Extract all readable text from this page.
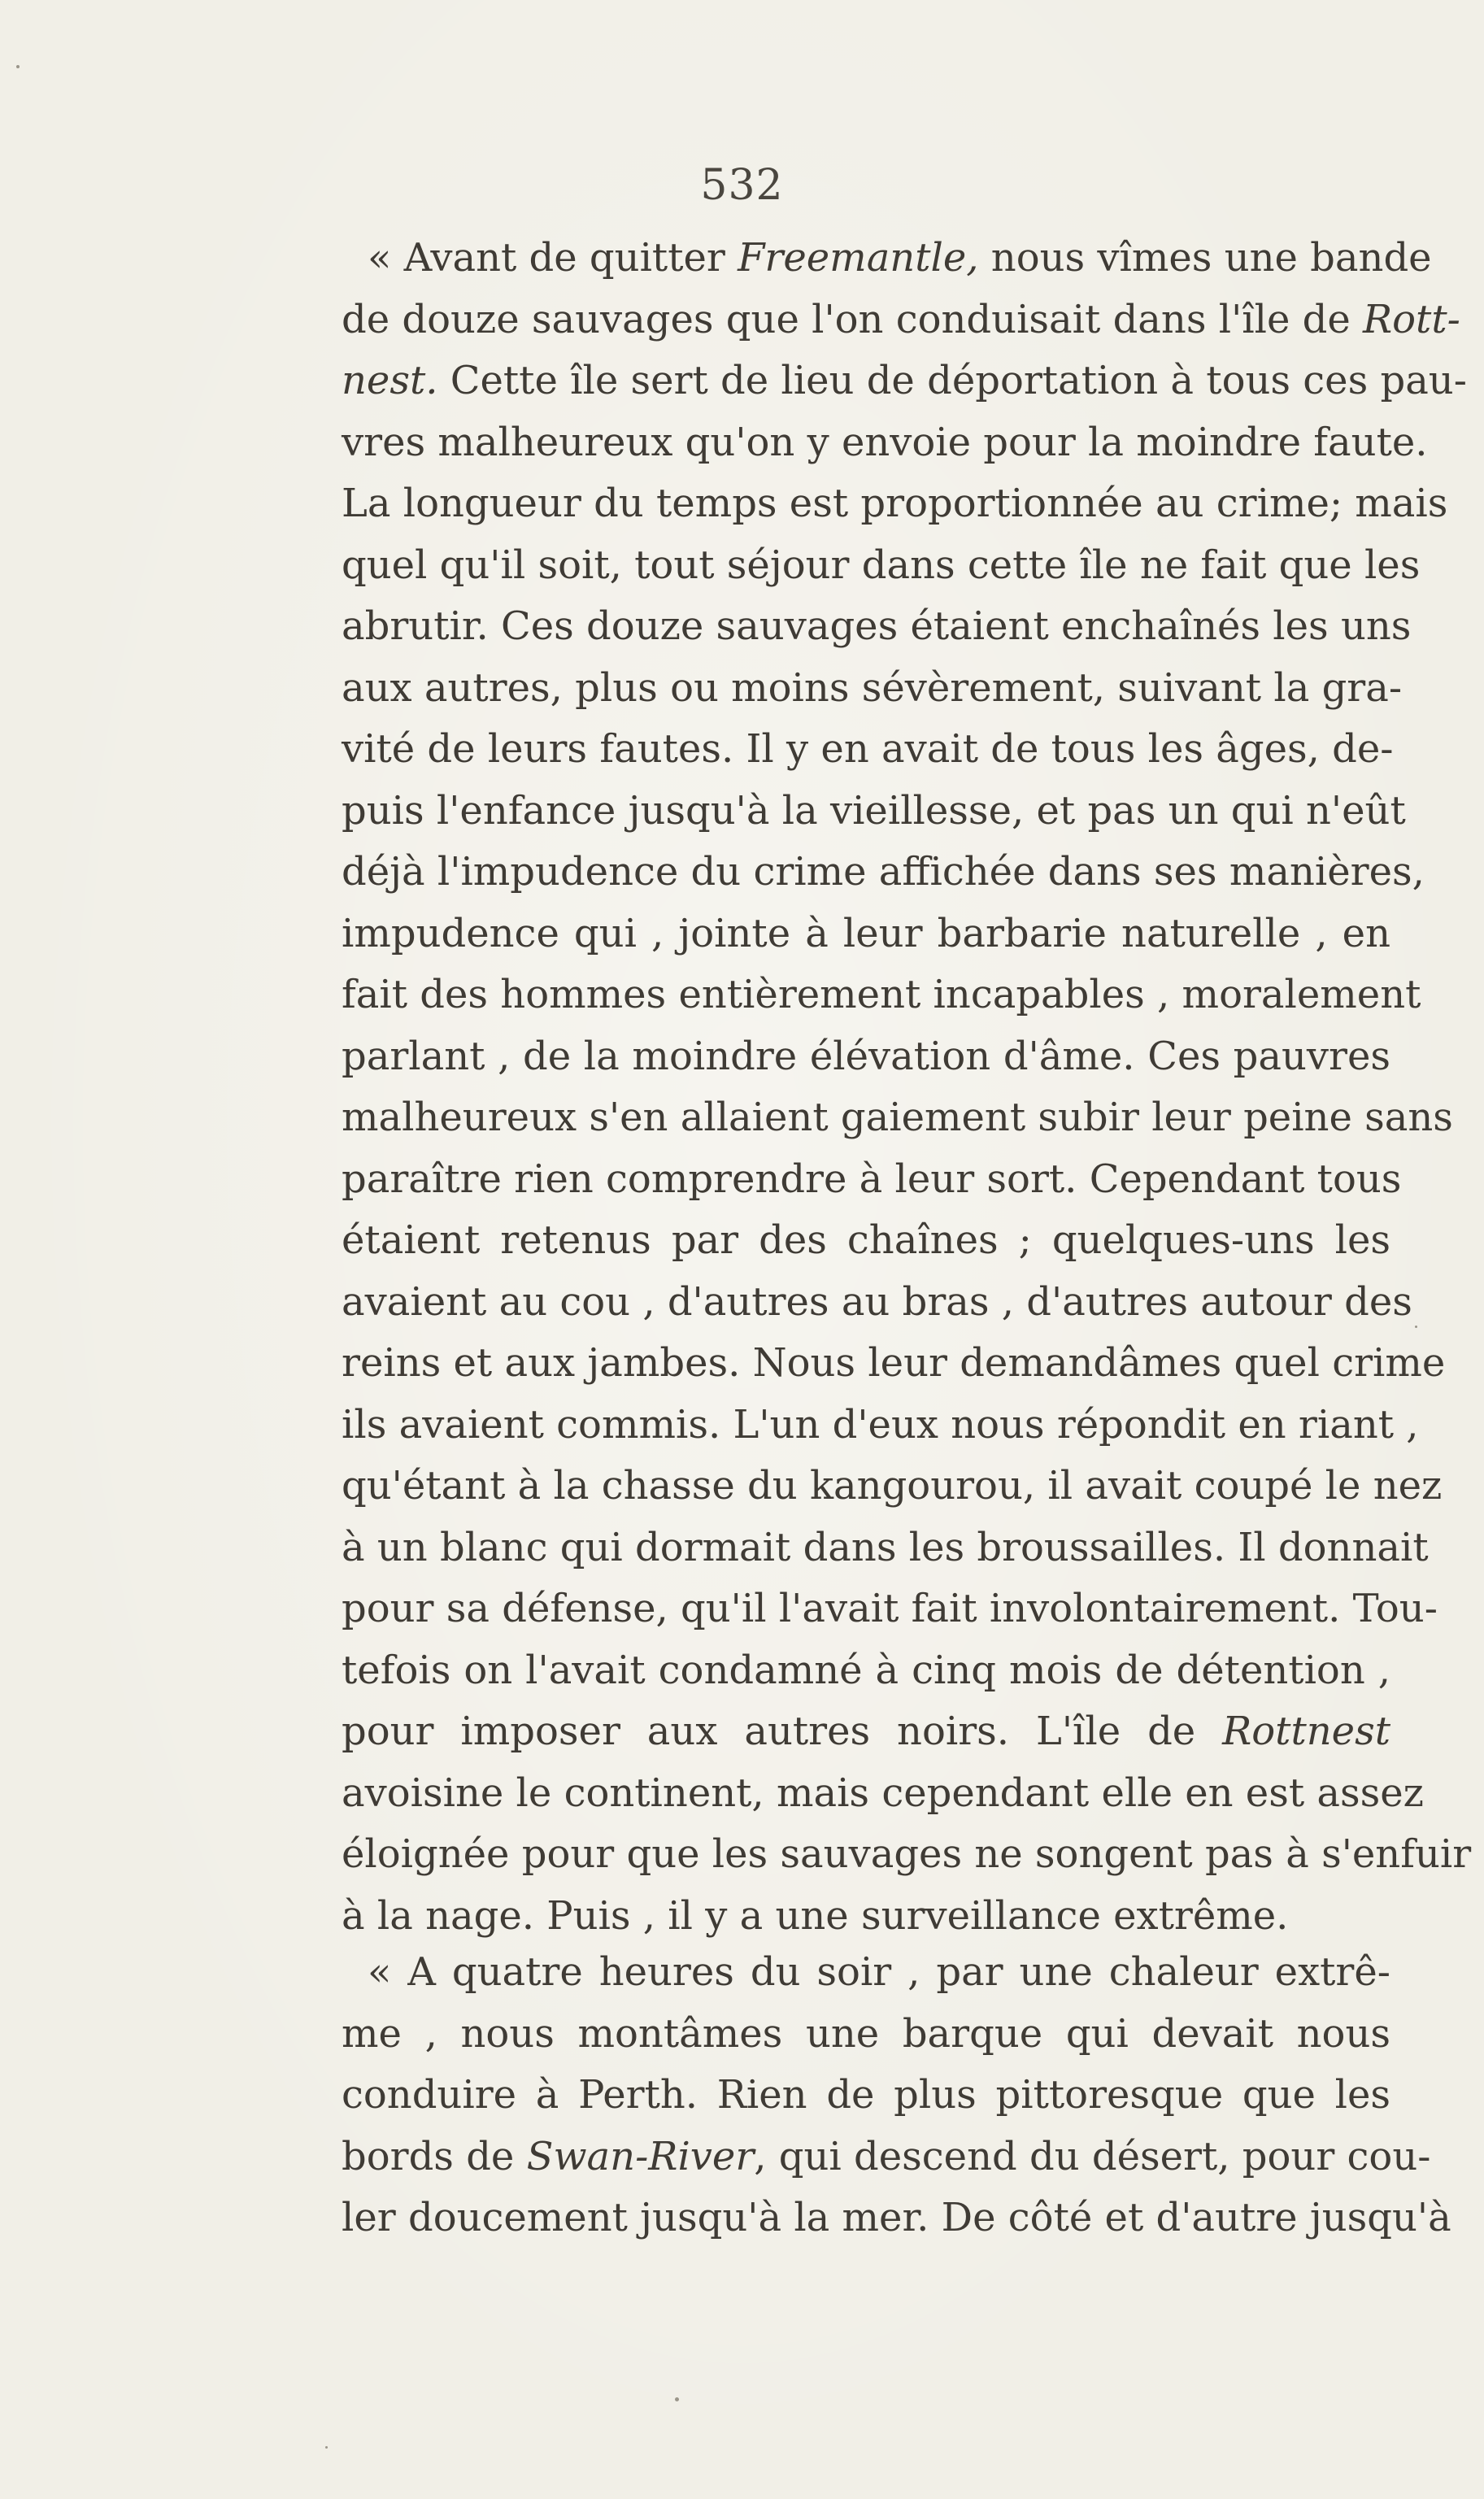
532
« Avant de quitter Freemantle, nous vîmes une bande
de douze sauvages que l'on conduisait dans l'île de Rott-
nest. Cette île sert de lieu de déportation à tous ces pau-
vres malheureux qu'on y envoie pour la moindre faute.
La longueur du temps est proportionnée au crime; mais
quel qu'il soit, tout séjour dans cette île ne fait que les
abrutir. Ces douze sauvages étaient enchaînés les uns
aux autres, plus ou moins sévèrement, suivant la gra-
vité de leurs fautes. Il y en avait de tous les âges, de-
puis l'enfance jusqu'à la vieillesse, et pas un qui n'eût
déjà l'impudence du crime affichée dans ses manières,
impudence qui , jointe à leur barbarie naturelle , en
fait des hommes entièrement incapables , moralement
parlant , de la moindre élévation d'âme. Ces pauvres
malheureux s'en allaient gaiement subir leur peine sans
paraître rien comprendre à leur sort. Cependant tous
étaient retenus par des chaînes ; quelques-uns les
avaient au cou , d'autres au bras , d'autres autour des
reins et aux jambes. Nous leur demandâmes quel crime
ils avaient commis. L'un d'eux nous répondit en riant ,
qu'étant à la chasse du kangourou, il avait coupé le nez
à un blanc qui dormait dans les broussailles. Il donnait
pour sa défense, qu'il l'avait fait involontairement. Tou-
tefois on l'avait condamné à cinq mois de détention ,
pour imposer aux autres noirs. L'île de Rottnest
avoisine le continent, mais cependant elle en est assez
éloignée pour que les sauvages ne songent pas à s'enfuir
à la nage. Puis , il y a une surveillance extrême.
« A quatre heures du soir , par une chaleur extrê-
me , nous montâmes une barque qui devait nous
conduire à Perth. Rien de plus pittoresque que les
bords de Swan-River, qui descend du désert, pour cou-
ler doucement jusqu'à la mer. De côté et d'autre jusqu'à
